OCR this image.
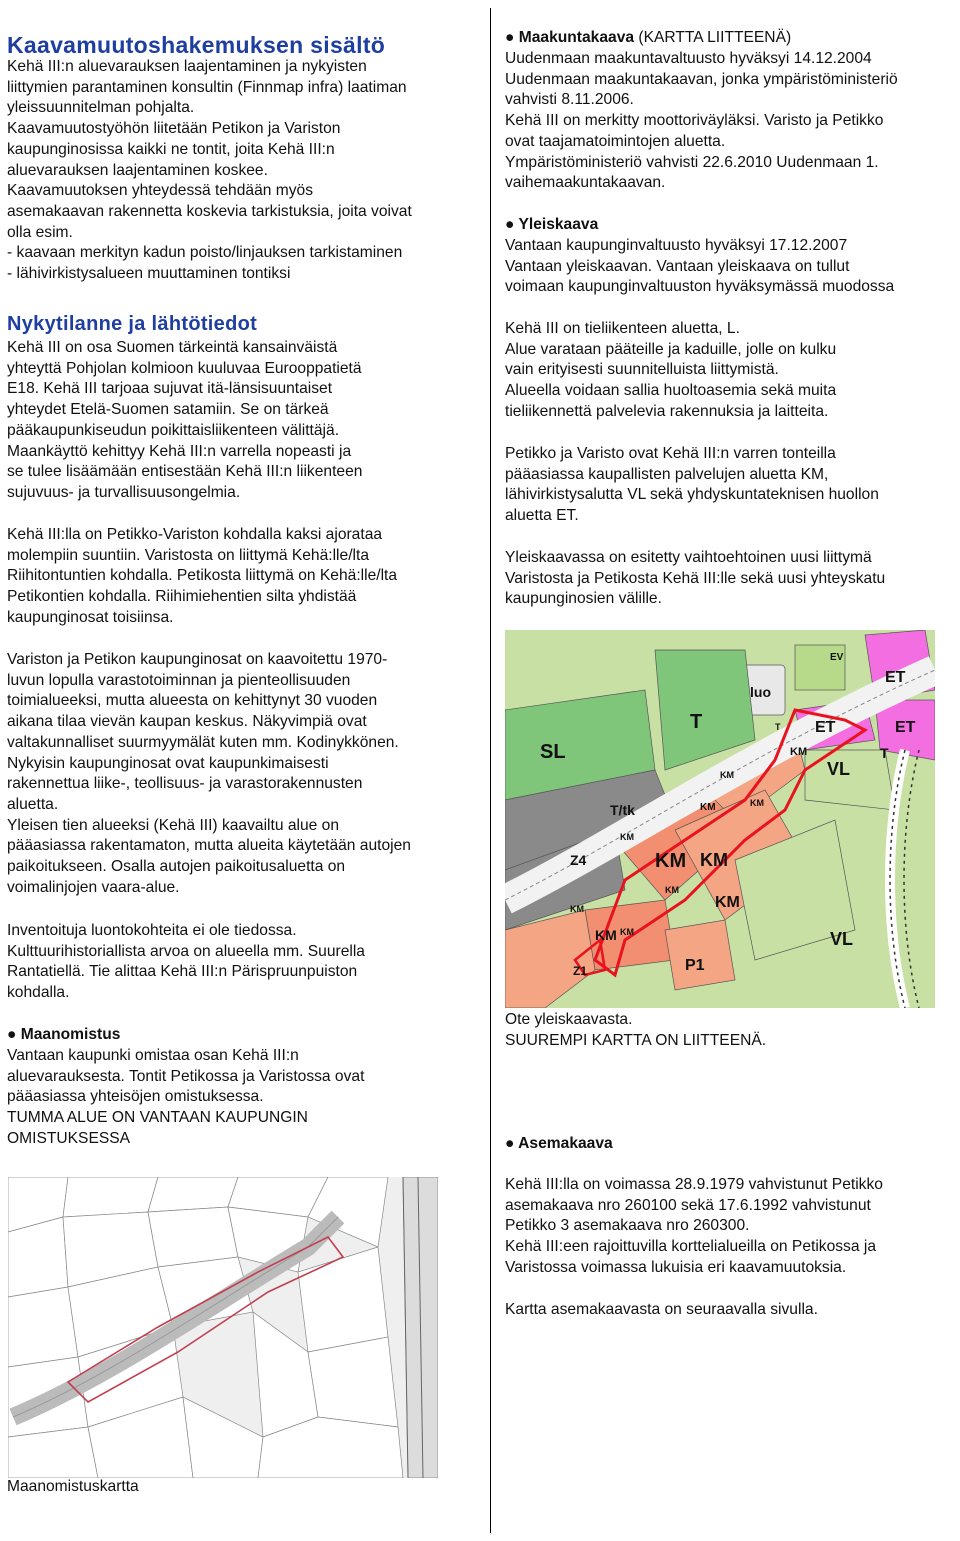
Kaavamuutoshakemuksen sisältö
Kehä III:n aluevarauksen laajentaminen ja nykyisten
liittymien parantaminen konsultin (Finnmap infra) laatiman
yleissuunnitelman pohjalta.
Kaavamuutostyöhön liitetään Petikon ja Variston
kaupunginosissa kaikki ne tontit, joita Kehä III:n
aluevarauksen laajentaminen koskee.
Kaavamuutoksen yhteydessä tehdään myös
asemakaavan rakennetta koskevia tarkistuksia, joita voivat
olla esim.
- kaavaan merkityn kadun poisto/linjauksen tarkistaminen
- lähivirkistysalueen muuttaminen tontiksi
Nykytilanne ja lähtötiedot
Kehä III on osa Suomen tärkeintä kansainväistä
yhteyttä Pohjolan kolmioon kuuluvaa Eurooppatietä
E18. Kehä III tarjoaa sujuvat itä-länsisuuntaiset
yhteydet Etelä-Suomen satamiin. Se on tärkeä
pääkaupunkiseudun poikittaisliikenteen välittäjä.
Maankäyttö kehittyy Kehä III:n varrella nopeasti ja
se tulee lisäämään entisestään Kehä III:n liikenteen
sujuvuus- ja turvallisuusongelmia.
Kehä III:lla on Petikko-Variston kohdalla kaksi ajorataa
molempiin suuntiin. Varistosta on liittymä Kehä:lle/lta
Riihitontuntien kohdalla. Petikosta liittymä on Kehä:lle/lta
Petikontien kohdalla. Riihimiehentien silta yhdistää
kaupunginosat toisiinsa.
Variston ja Petikon kaupunginosat on kaavoitettu 1970-
luvun lopulla varastotoiminnan ja pienteollisuuden
toimialueeksi, mutta alueesta on kehittynyt 30 vuoden
aikana tilaa vievän kaupan keskus. Näkyvimpiä ovat
valtakunnalliset suurmyymälät kuten mm. Kodinykkönen.
Nykyisin kaupunginosat ovat kaupunkimaisesti
rakennettua liike-, teollisuus- ja varastorakennusten
aluetta.
Yleisen tien alueeksi (Kehä III) kaavailtu alue on
pääasiassa rakentamaton, mutta alueita käytetään autojen
paikoitukseen. Osalla autojen paikoitusaluetta on
voimalinjojen vaara-alue.
Inventoituja luontokohteita ei ole tiedossa.
Kulttuurihistoriallista arvoa on alueella mm. Suurella
Rantatiellä. Tie alittaa Kehä III:n Pärispruunpuiston
kohdalla.
● Maanomistus
Vantaan kaupunki omistaa osan Kehä III:n
aluevarauksesta. Tontit Petikossa ja Varistossa ovat
pääasiassa yhteisöjen omistuksessa.
TUMMA ALUE ON VANTAAN KAUPUNGIN
OMISTUKSESSA
Maanomistuskartta
● Maakuntakaava (KARTTA LIITTEENÄ)
Uudenmaan maakuntavaltuusto hyväksyi 14.12.2004
Uudenmaan maakuntakaavan, jonka ympäristöministeriö
vahvisti 8.11.2006.
Kehä III on merkitty moottoriväyläksi. Varisto ja Petikko
ovat taajamatoimintojen aluetta.
Ympäristöministeriö vahvisti 22.6.2010 Uudenmaan 1.
vaihemaakuntakaavan.
● Yleiskaava
Vantaan kaupunginvaltuusto hyväksyi 17.12.2007
Vantaan yleiskaavan. Vantaan yleiskaava on tullut
voimaan kaupunginvaltuuston hyväksymässä muodossa
Kehä III on tieliikenteen aluetta, L.
Alue varataan pääteille ja kaduille, jolle on kulku
vain erityisesti suunnitelluista liittymistä.
Alueella voidaan sallia huoltoasemia sekä muita
tieliikennettä palvelevia rakennuksia ja laitteita.
Petikko ja Varisto ovat Kehä III:n varren tonteilla
pääasiassa kaupallisten palvelujen aluetta KM,
lähivirkistysalutta VL sekä yhdyskuntateknisen huollon
aluetta ET.
Yleiskaavassa on esitetty vaihtoehtoinen uusi liittymä
Varistosta ja Petikosta Kehä III:lle sekä uusi yhteyskatu
kaupunginosien välille.
EV
luo
ET
SL
T	ET	ET
T
T
KM
KM
KM
VL
T/tk	KM
KM
KM KM
Z4
KM
KM	KM
KM	VL
P1
KM
Z1
Ote yleiskaavasta.
SUUREMPI KARTTA ON LIITTEENÄ.
● Asemakaava
Kehä III:lla on voimassa 28.9.1979 vahvistunut Petikko
asemakaava nro 260100 sekä 17.6.1992 vahvistunut
Petikko 3 asemakaava nro 260300.
Kehä III:een rajoittuvilla korttelialueilla on Petikossa ja
Varistossa voimassa lukuisia eri kaavamuutoksia.
Kartta asemakaavasta on seuraavalla sivulla.
